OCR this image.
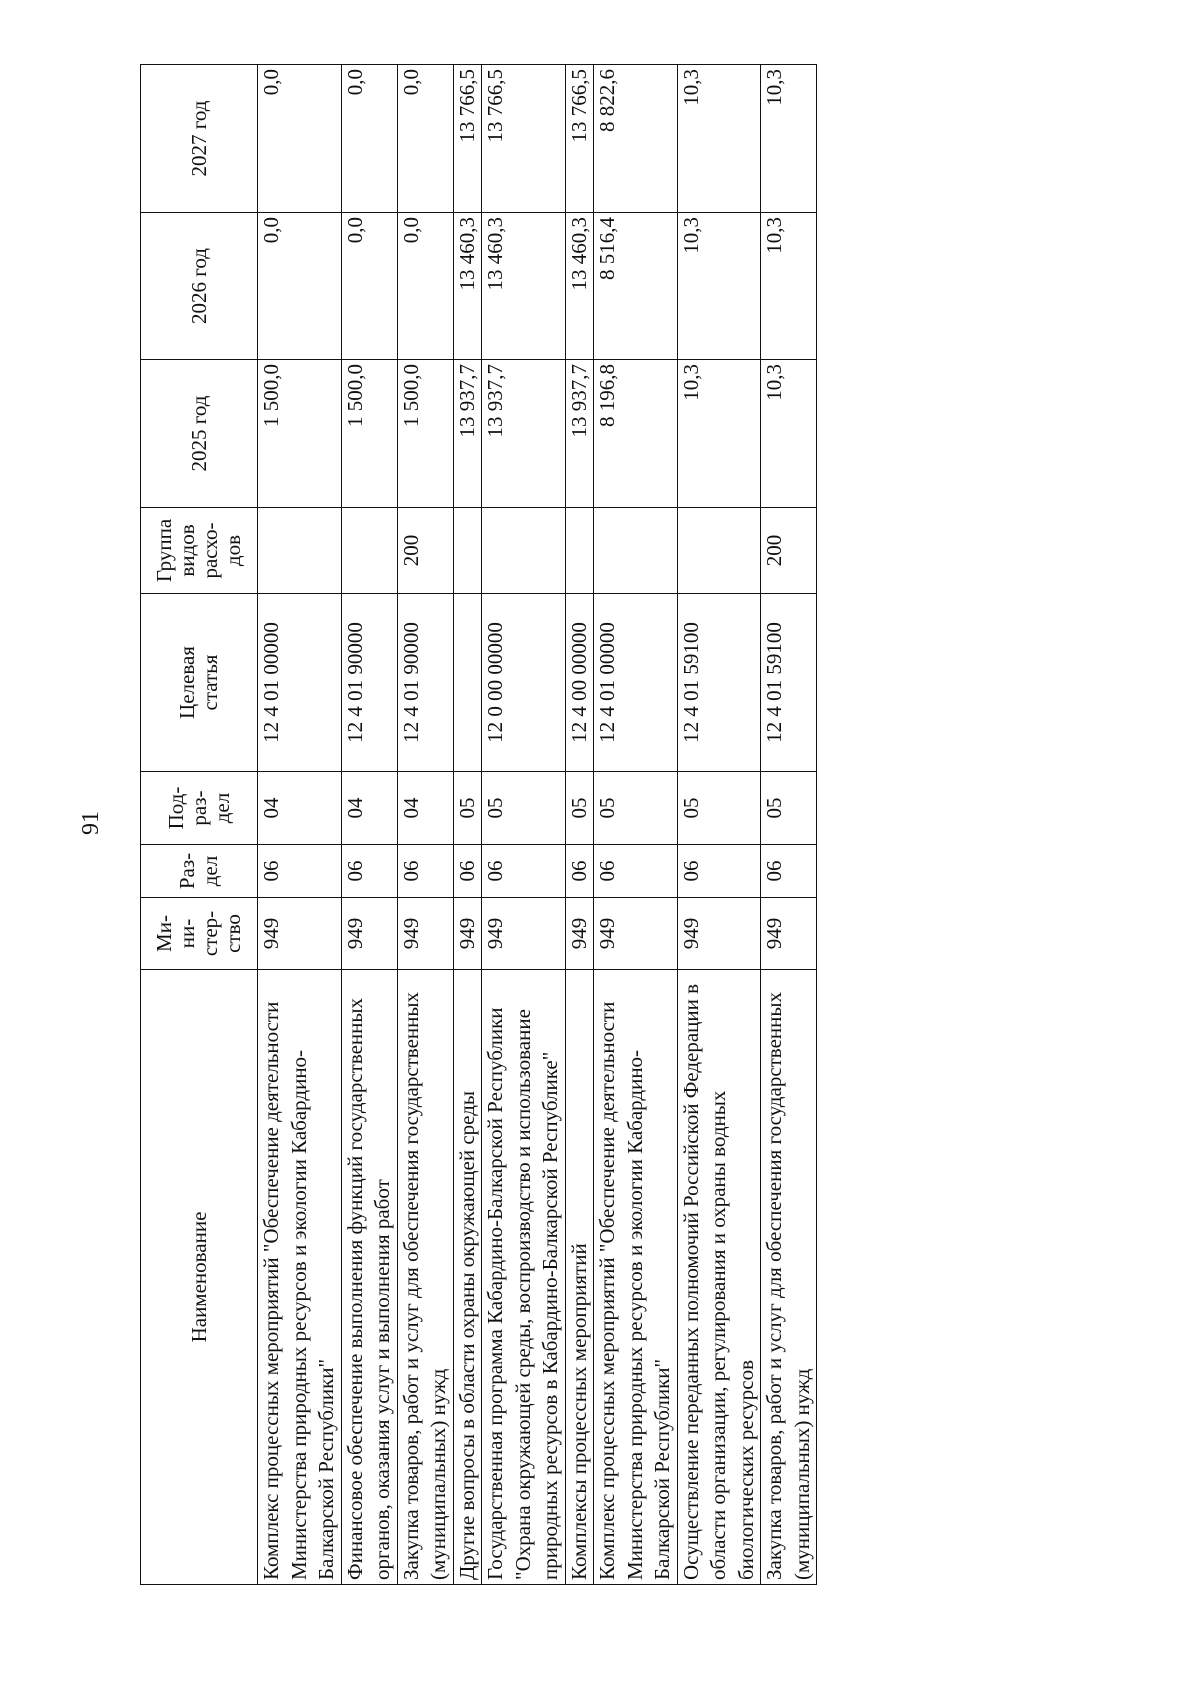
91
Наименование	Ми-
ни-
стер-
ство	Раз-
дел	Под-
раз-
дел	Целевая
статья	Группа
видов
расхо-
дов	2025 год	2026 год	2027 год
Комплекс процессных мероприятий "Обеспечение деятельности Министерства природных ресурсов и экологии Кабардино-Балкарской Республики"	949	06	04	12 4 01 00000		1 500,0	0,0	0,0
Финансовое обеспечение выполнения функций государственных органов, оказания услуг и выполнения работ	949	06	04	12 4 01 90000		1 500,0	0,0	0,0
Закупка товаров, работ и услуг для обеспечения государственных (муниципальных) нужд	949	06	04	12 4 01 90000	200	1 500,0	0,0	0,0
Другие вопросы в области охраны окружающей среды	949	06	05			13 937,7	13 460,3	13 766,5
Государственная программа Кабардино-Балкарской Республики "Охрана окружающей среды, воспроизводство и использование природных ресурсов в Кабардино-Балкарской Республике"	949	06	05	12 0 00 00000		13 937,7	13 460,3	13 766,5
Комплексы процессных мероприятий	949	06	05	12 4 00 00000		13 937,7	13 460,3	13 766,5
Комплекс процессных мероприятий "Обеспечение деятельности Министерства природных ресурсов и экологии Кабардино-Балкарской Республики"	949	06	05	12 4 01 00000		8 196,8	8 516,4	8 822,6
Осуществление переданных полномочий Российской Федерации в области организации, регулирования и охраны водных биологических ресурсов	949	06	05	12 4 01 59100		10,3	10,3	10,3
Закупка товаров, работ и услуг для обеспечения государственных (муниципальных) нужд	949	06	05	12 4 01 59100	200	10,3	10,3	10,3
